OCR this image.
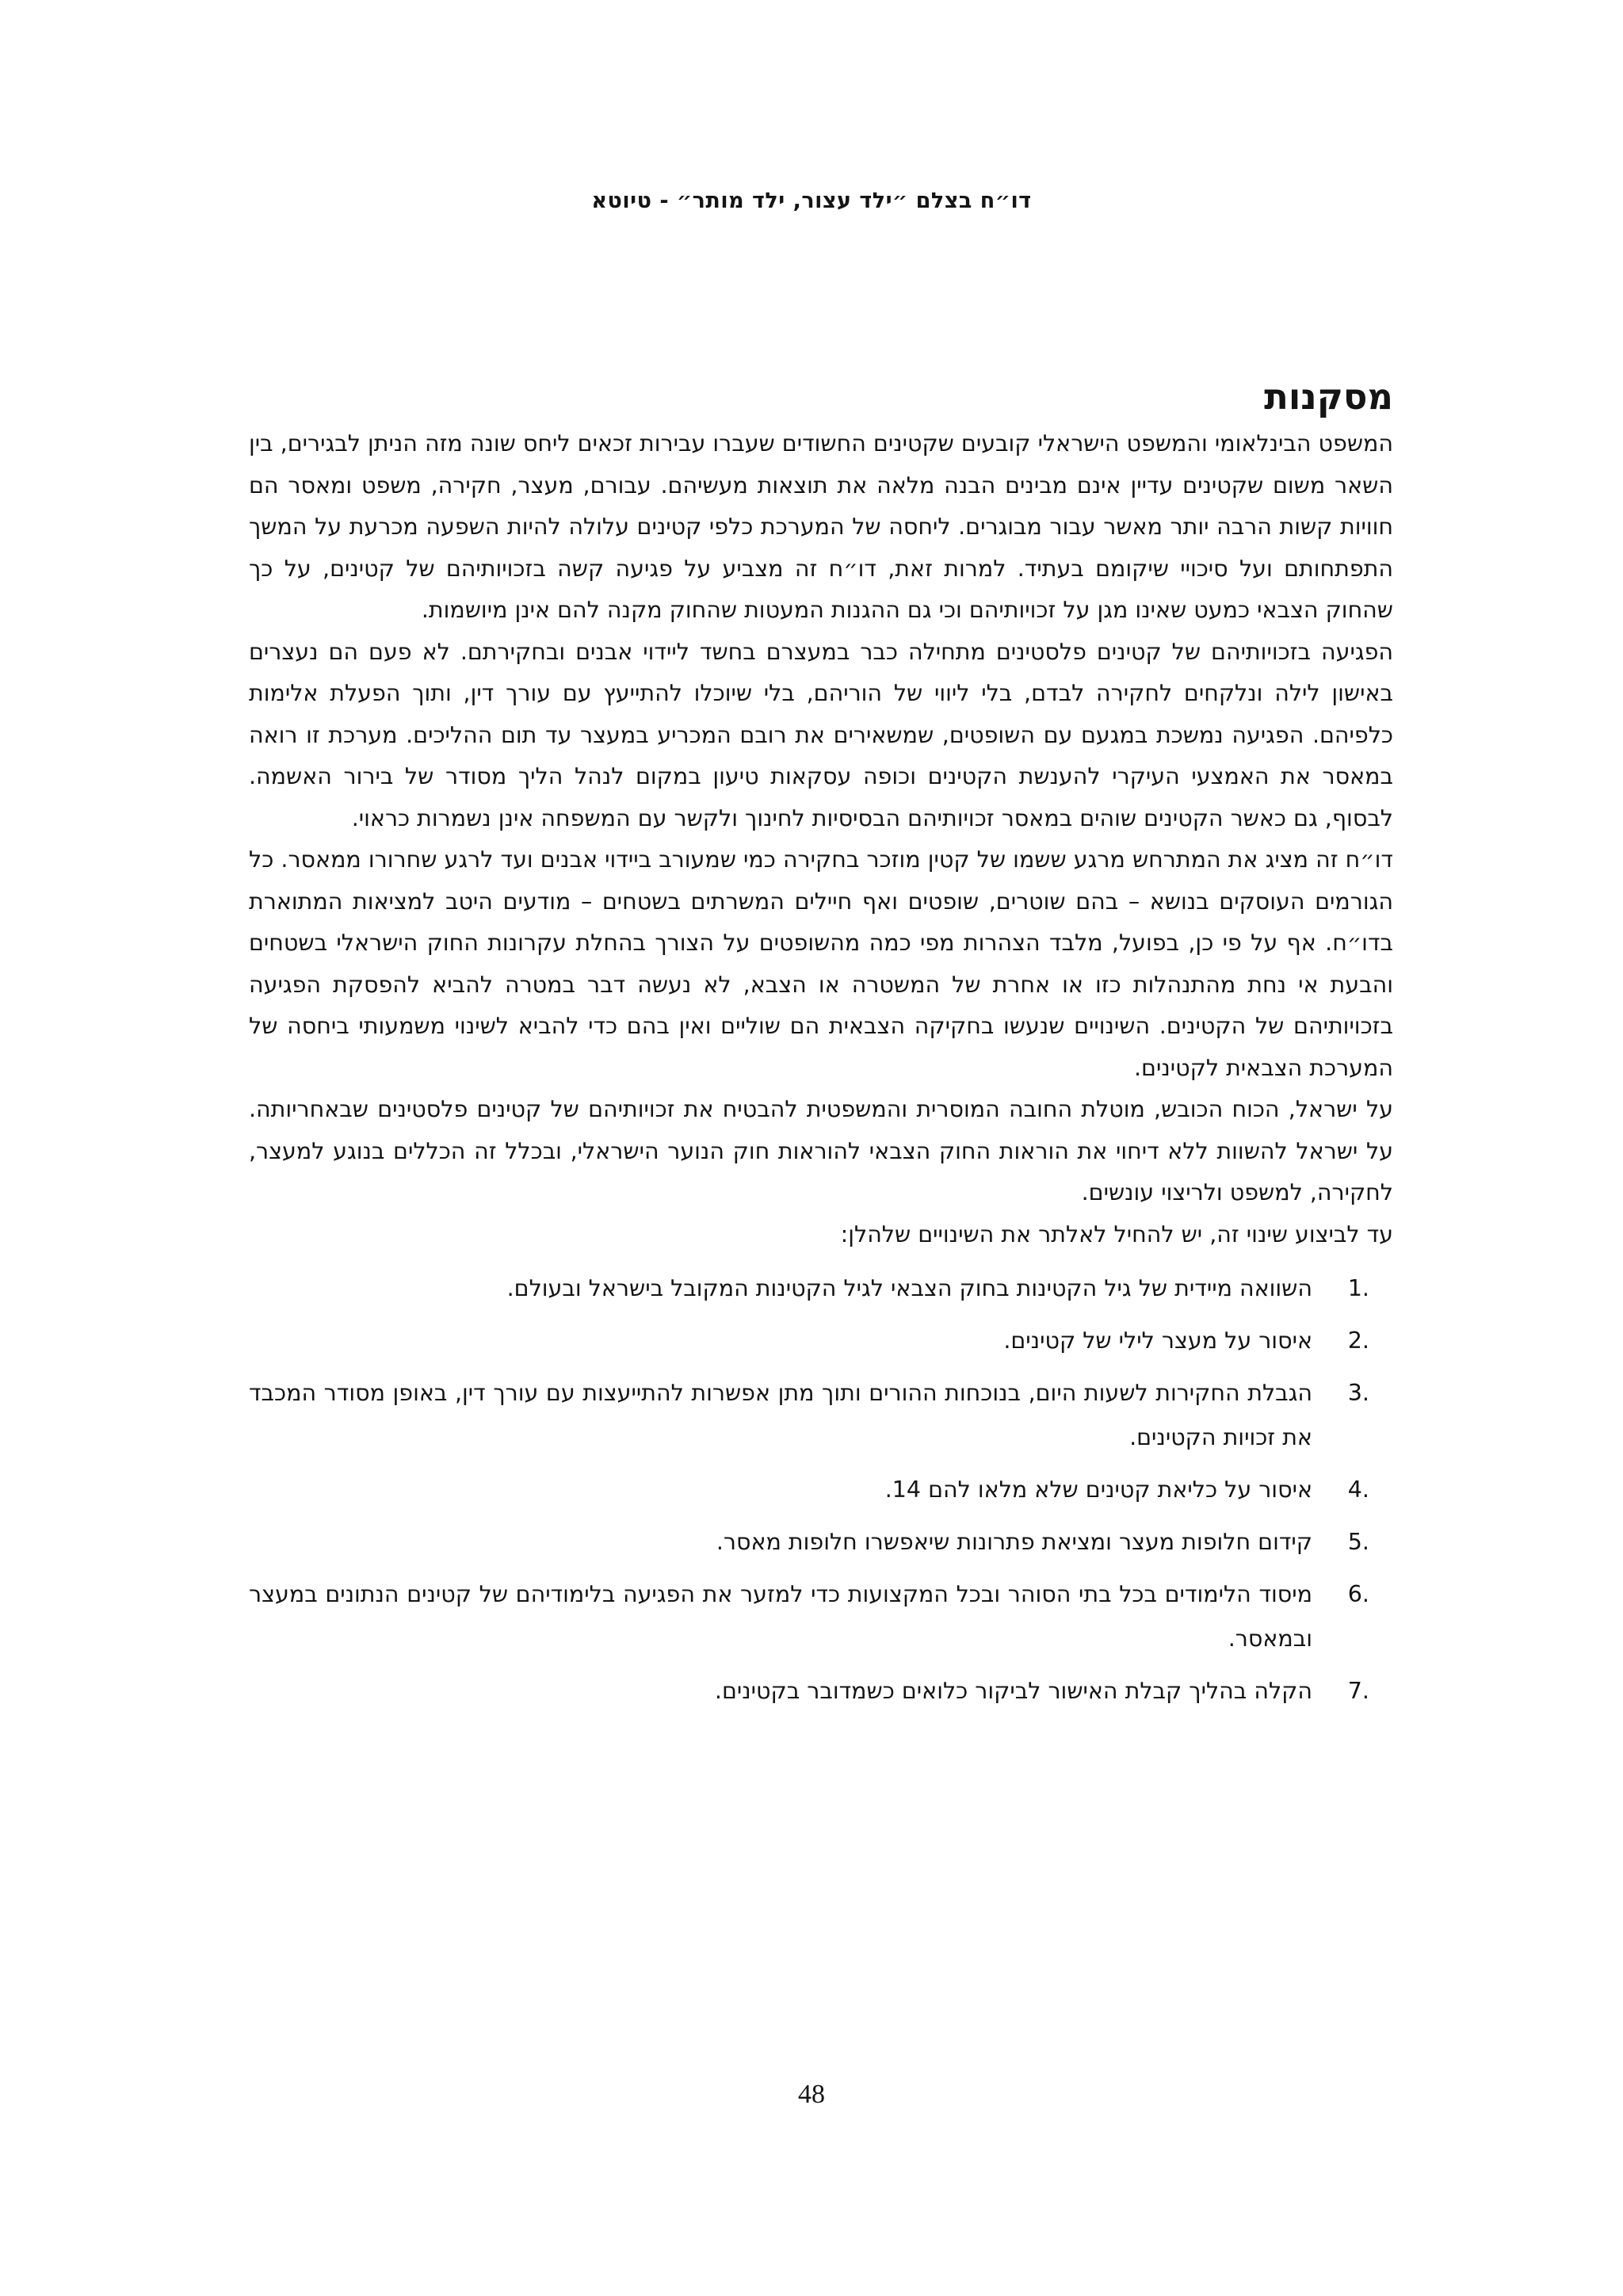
דו״ח בצלם ״ילד עצור, ילד מותר״ - טיוטא

מסקנות

המשפט הבינלאומי והמשפט הישראלי קובעים שקטינים החשודים שעברו עבירות זכאים ליחס שונה מזה הניתן לבגירים, בין השאר משום שקטינים עדיין אינם מבינים הבנה מלאה את תוצאות מעשיהם. עבורם, מעצר, חקירה, משפט ומאסר הם חוויות קשות הרבה יותר מאשר עבור מבוגרים. ליחסה של המערכת כלפי קטינים עלולה להיות השפעה מכרעת על המשך התפתחותם ועל סיכויי שיקומם בעתיד. למרות זאת, דו״ח זה מצביע על פגיעה קשה בזכויותיהם של קטינים, על כך שהחוק הצבאי כמעט שאינו מגן על זכויותיהם וכי גם ההגנות המעטות שהחוק מקנה להם אינן מיושמות.

הפגיעה בזכויותיהם של קטינים פלסטינים מתחילה כבר במעצרם בחשד ליידוי אבנים ובחקירתם. לא פעם הם נעצרים באישון לילה ונלקחים לחקירה לבדם, בלי ליווי של הוריהם, בלי שיוכלו להתייעץ עם עורך דין, ותוך הפעלת אלימות כלפיהם. הפגיעה נמשכת במגעם עם השופטים, שמשאירים את רובם המכריע במעצר עד תום ההליכים. מערכת זו רואה במאסר את האמצעי העיקרי להענשת הקטינים וכופה עסקאות טיעון במקום לנהל הליך מסודר של בירור האשמה. לבסוף, גם כאשר הקטינים שוהים במאסר זכויותיהם הבסיסיות לחינוך ולקשר עם המשפחה אינן נשמרות כראוי.

דו״ח זה מציג את המתרחש מרגע ששמו של קטין מוזכר בחקירה כמי שמעורב ביידוי אבנים ועד לרגע שחרורו ממאסר. כל הגורמים העוסקים בנושא – בהם שוטרים, שופטים ואף חיילים המשרתים בשטחים – מודעים היטב למציאות המתוארת בדו״ח. אף על פי כן, בפועל, מלבד הצהרות מפי כמה מהשופטים על הצורך בהחלת עקרונות החוק הישראלי בשטחים והבעת אי נחת מהתנהלות כזו או אחרת של המשטרה או הצבא, לא נעשה דבר במטרה להביא להפסקת הפגיעה בזכויותיהם של הקטינים. השינויים שנעשו בחקיקה הצבאית הם שוליים ואין בהם כדי להביא לשינוי משמעותי ביחסה של המערכת הצבאית לקטינים.

על ישראל, הכוח הכובש, מוטלת החובה המוסרית והמשפטית להבטיח את זכויותיהם של קטינים פלסטינים שבאחריותה. על ישראל להשוות ללא דיחוי את הוראות החוק הצבאי להוראות חוק הנוער הישראלי, ובכלל זה הכללים בנוגע למעצר, לחקירה, למשפט ולריצוי עונשים.

עד לביצוע שינוי זה, יש להחיל לאלתר את השינויים שלהלן:

1.
השוואה מיידית של גיל הקטינות בחוק הצבאי לגיל הקטינות המקובל בישראל ובעולם.
2.
איסור על מעצר לילי של קטינים.
3.
הגבלת החקירות לשעות היום, בנוכחות ההורים ותוך מתן אפשרות להתייעצות עם עורך דין, באופן מסודר המכבד את זכויות הקטינים.
4.
איסור על כליאת קטינים שלא מלאו להם 14.
5.
קידום חלופות מעצר ומציאת פתרונות שיאפשרו חלופות מאסר.
6.
מיסוד הלימודים בכל בתי הסוהר ובכל המקצועות כדי למזער את הפגיעה בלימודיהם של קטינים הנתונים במעצר ובמאסר.
7.
הקלה בהליך קבלת האישור לביקור כלואים כשמדובר בקטינים.

48
